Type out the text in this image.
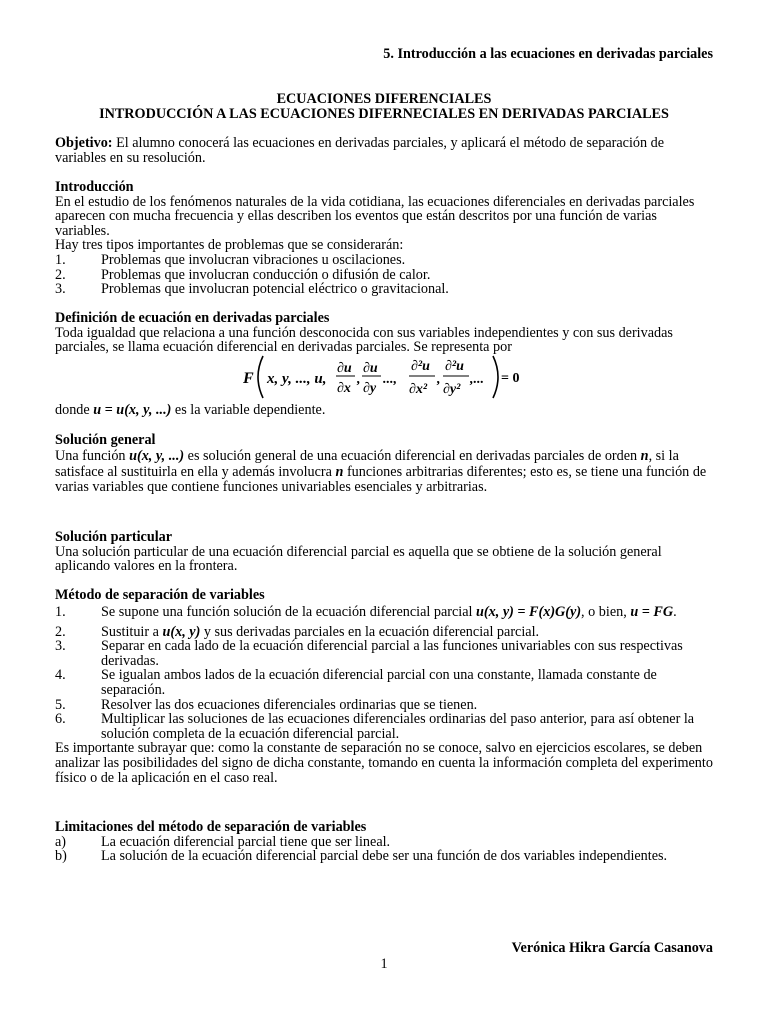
5. Introducción a las ecuaciones en derivadas parciales
ECUACIONES DIFERENCIALES
INTRODUCCIÓN A LAS ECUACIONES DIFERNECIALES EN DERIVADAS PARCIALES

Objetivo: El alumno conocerá las ecuaciones en derivadas parciales, y aplicará el método de separación de variables en su resolución.

Introducción

En el estudio de los fenómenos naturales de la vida cotidiana, las ecuaciones diferenciales en derivadas parciales aparecen con mucha frecuencia y ellas describen los eventos que están descritos por una función de varias variables.

Hay tres tipos importantes de problemas que se considerarán:

1. Problemas que involucran vibraciones u oscilaciones.
2. Problemas que involucran conducción o difusión de calor.
3. Problemas que involucran potencial eléctrico o gravitacional.

Definición de ecuación en derivadas parciales

Toda igualdad que relaciona a una función desconocida con sus variables independientes y con sus derivadas parciales, se llama ecuación diferencial en derivadas parciales. Se representa por

F x, y, ..., u,
∂u
∂x
,
∂u
∂y
...,
∂²u
∂x²
,
∂²u
∂y²
,... = 0

donde u = u(x, y, ...) es la variable dependiente.

Solución general

Una función u(x, y, ...) es solución general de una ecuación diferencial en derivadas parciales de orden n, si la satisface al sustituirla en ella y además involucra n funciones arbitrarias diferentes; esto es, se tiene una función de varias variables que contiene funciones univariables esenciales y arbitrarias.

Solución particular

Una solución particular de una ecuación diferencial parcial es aquella que se obtiene de la solución general aplicando valores en la frontera.

Método de separación de variables

1. Se supone una función solución de la ecuación diferencial parcial u(x, y) = F(x)G(y), o bien, u = FG.
2. Sustituir a u(x, y) y sus derivadas parciales en la ecuación diferencial parcial.
3. Separar en cada lado de la ecuación diferencial parcial a las funciones univariables con sus respectivas derivadas.
4. Se igualan ambos lados de la ecuación diferencial parcial con una constante, llamada constante de separación.
5. Resolver las dos ecuaciones diferenciales ordinarias que se tienen.
6. Multiplicar las soluciones de las ecuaciones diferenciales ordinarias del paso anterior, para así obtener la solución completa de la ecuación diferencial parcial.

Es importante subrayar que: como la constante de separación no se conoce, salvo en ejercicios escolares, se deben analizar las posibilidades del signo de dicha constante, tomando en cuenta la información completa del experimento físico o de la aplicación en el caso real.

Limitaciones del método de separación de variables

a) La ecuación diferencial parcial tiene que ser lineal.
b) La solución de la ecuación diferencial parcial debe ser una función de dos variables independientes.
Verónica Hikra García Casanova
1
